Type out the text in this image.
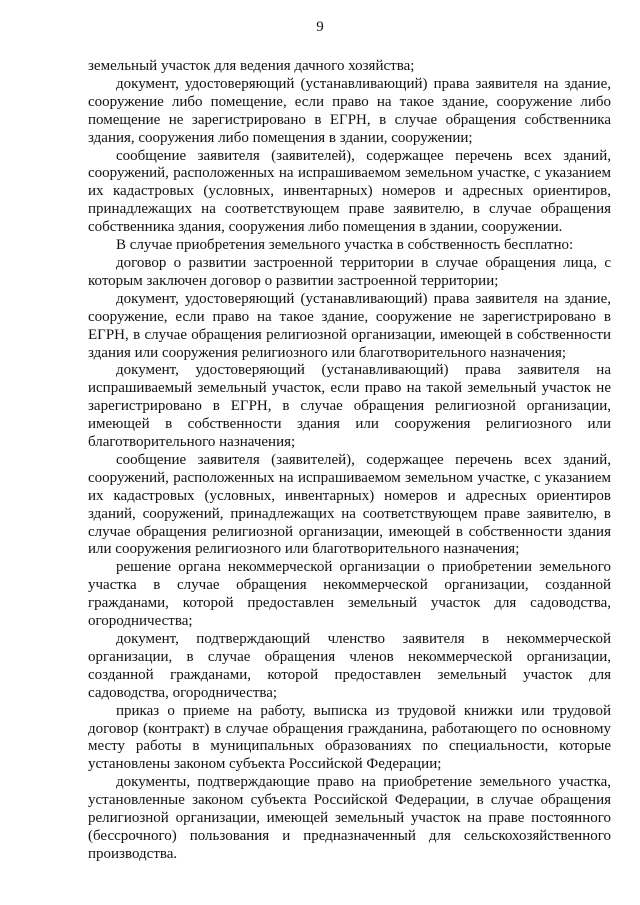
9

земельный участок для ведения дачного хозяйства;

документ, удостоверяющий (устанавливающий) права заявителя на здание, сооружение либо помещение, если право на такое здание, сооружение либо помещение не зарегистрировано в ЕГРН, в случае обращения собственника здания, сооружения либо помещения в здании, сооружении;

сообщение заявителя (заявителей), содержащее перечень всех зданий, сооружений, расположенных на испрашиваемом земельном участке, с указанием их кадастровых (условных, инвентарных) номеров и адресных ориентиров, принадлежащих на соответствующем праве заявителю, в случае обращения собственника здания, сооружения либо помещения в здании, сооружении.

В случае приобретения земельного участка в собственность бесплатно:

договор о развитии застроенной территории в случае обращения лица, с которым заключен договор о развитии застроенной территории;

документ, удостоверяющий (устанавливающий) права заявителя на здание, сооружение, если право на такое здание, сооружение не зарегистрировано в ЕГРН, в случае обращения религиозной организации, имеющей в собственности здания или сооружения религиозного или благотворительного назначения;

документ, удостоверяющий (устанавливающий) права заявителя на испрашиваемый земельный участок, если право на такой земельный участок не зарегистрировано в ЕГРН, в случае обращения религиозной организации, имеющей в собственности здания или сооружения религиозного или благотворительного назначения;

сообщение заявителя (заявителей), содержащее перечень всех зданий, сооружений, расположенных на испрашиваемом земельном участке, с указанием их кадастровых (условных, инвентарных) номеров и адресных ориентиров зданий, сооружений, принадлежащих на соответствующем праве заявителю, в случае обращения религиозной организации, имеющей в собственности здания или сооружения религиозного или благотворительного назначения;

решение органа некоммерческой организации о приобретении земельного участка в случае обращения некоммерческой организации, созданной гражданами, которой предоставлен земельный участок для садоводства, огородничества;

документ, подтверждающий членство заявителя в некоммерческой организации, в случае обращения членов некоммерческой организации, созданной гражданами, которой предоставлен земельный участок для садоводства, огородничества;

приказ о приеме на работу, выписка из трудовой книжки или трудовой договор (контракт) в случае обращения гражданина, работающего по основному месту работы в муниципальных образованиях по специальности, которые установлены законом субъекта Российской Федерации;

документы, подтверждающие право на приобретение земельного участка, установленные законом субъекта Российской Федерации, в случае обращения религиозной организации, имеющей земельный участок на праве постоянного (бессрочного) пользования и предназначенный для сельскохозяйственного производства.
